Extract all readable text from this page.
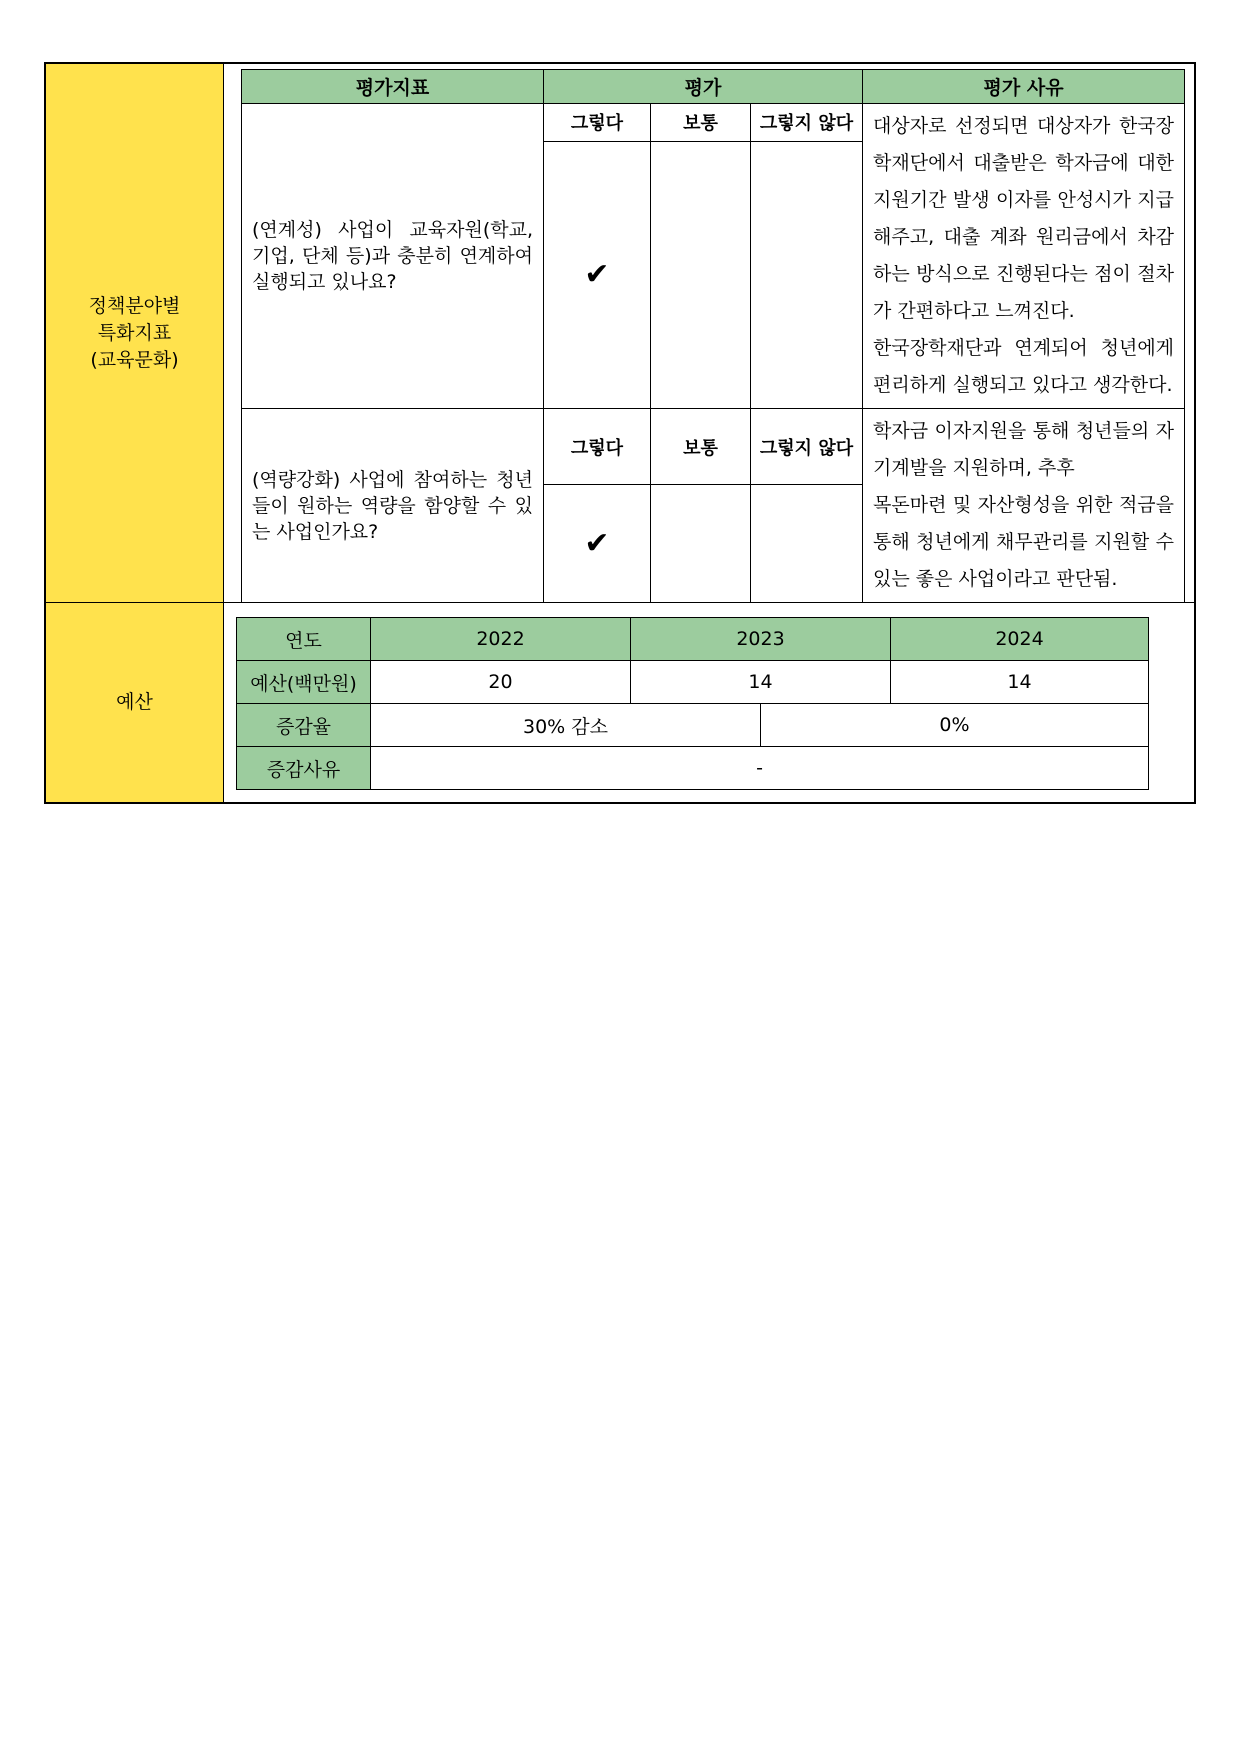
정책분야별
특화지표
(교육문화)
예산
평가지표	평가			평가 사유
(연계성) 사업이 교육자원(학교, 기업, 단체 등)과 충분히 연계하여 실행되고 있나요?	그렇다	보통	그렇지 않다	대상자로 선정되면 대상자가 한국장학재단에서 대출받은 학자금에 대한 지원기간 발생 이자를 안성시가 지급해주고, 대출 계좌 원리금에서 차감하는 방식으로 진행된다는 점이 절차가 간편하다고 느껴진다.
한국장학재단과 연계되어 청년에게 편리하게 실행되고 있다고 생각한다.
	✔			
(역량강화) 사업에 참여하는 청년들이 원하는 역량을 함양할 수 있는 사업인가요?	그렇다	보통	그렇지 않다	학자금 이자지원을 통해 청년들의 자기계발을 지원하며, 추후
목돈마련 및 자산형성을 위한 적금을 통해 청년에게 채무관리를 지원할 수 있는 좋은 사업이라고 판단됨.
	✔			
연도	2022	2023		2024
예산(백만원)	20	14		14
증감율	30% 감소		0%	
증감사유	-			
